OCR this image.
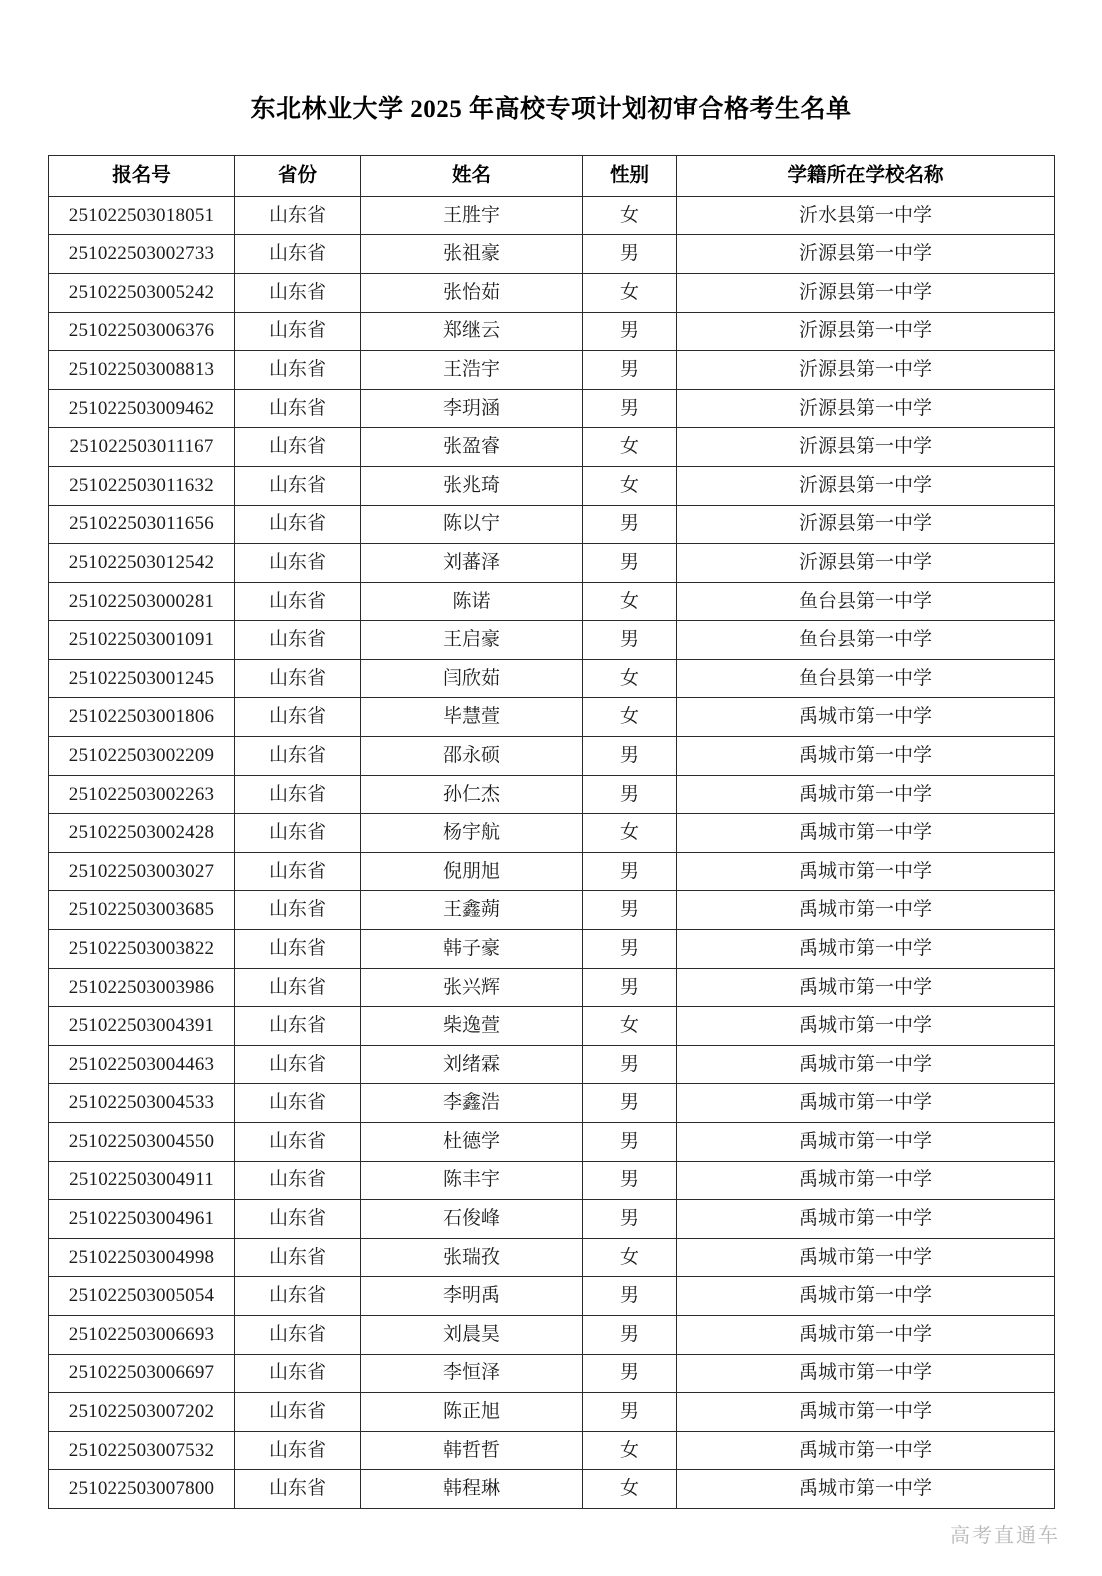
东北林业大学 2025 年高校专项计划初审合格考生名单
报名号	省份	姓名	性别	学籍所在学校名称
251022503018051	山东省	王胜宇	女	沂水县第一中学
251022503002733	山东省	张祖豪	男	沂源县第一中学
251022503005242	山东省	张怡茹	女	沂源县第一中学
251022503006376	山东省	郑继云	男	沂源县第一中学
251022503008813	山东省	王浩宇	男	沂源县第一中学
251022503009462	山东省	李玥涵	男	沂源县第一中学
251022503011167	山东省	张盈睿	女	沂源县第一中学
251022503011632	山东省	张兆琦	女	沂源县第一中学
251022503011656	山东省	陈以宁	男	沂源县第一中学
251022503012542	山东省	刘蕃泽	男	沂源县第一中学
251022503000281	山东省	陈诺	女	鱼台县第一中学
251022503001091	山东省	王启豪	男	鱼台县第一中学
251022503001245	山东省	闫欣茹	女	鱼台县第一中学
251022503001806	山东省	毕慧萱	女	禹城市第一中学
251022503002209	山东省	邵永硕	男	禹城市第一中学
251022503002263	山东省	孙仁杰	男	禹城市第一中学
251022503002428	山东省	杨宇航	女	禹城市第一中学
251022503003027	山东省	倪朋旭	男	禹城市第一中学
251022503003685	山东省	王鑫蒴	男	禹城市第一中学
251022503003822	山东省	韩子豪	男	禹城市第一中学
251022503003986	山东省	张兴辉	男	禹城市第一中学
251022503004391	山东省	柴逸萱	女	禹城市第一中学
251022503004463	山东省	刘绪霖	男	禹城市第一中学
251022503004533	山东省	李鑫浩	男	禹城市第一中学
251022503004550	山东省	杜德学	男	禹城市第一中学
251022503004911	山东省	陈丰宇	男	禹城市第一中学
251022503004961	山东省	石俊峰	男	禹城市第一中学
251022503004998	山东省	张瑞孜	女	禹城市第一中学
251022503005054	山东省	李明禹	男	禹城市第一中学
251022503006693	山东省	刘晨昊	男	禹城市第一中学
251022503006697	山东省	李恒泽	男	禹城市第一中学
251022503007202	山东省	陈正旭	男	禹城市第一中学
251022503007532	山东省	韩哲哲	女	禹城市第一中学
251022503007800	山东省	韩程琳	女	禹城市第一中学
高考直通车
